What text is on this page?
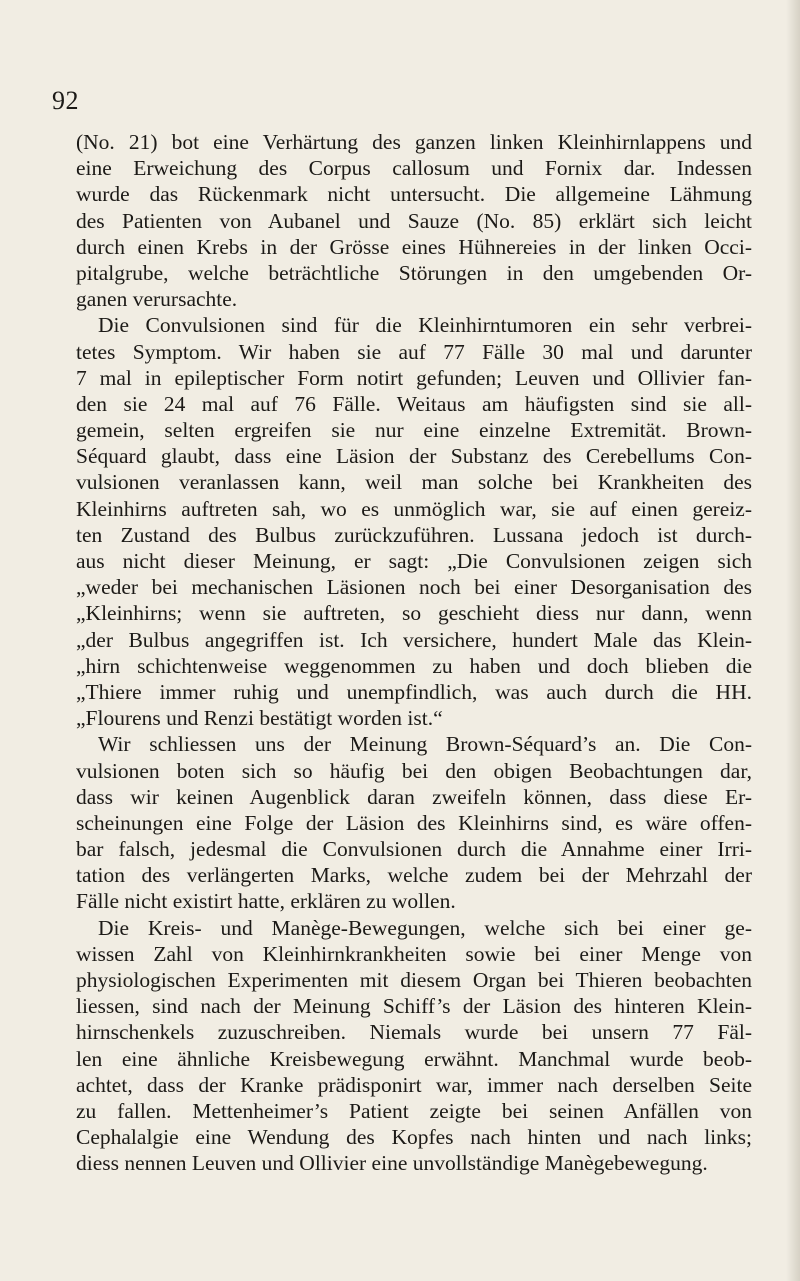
92
(No. 21) bot eine Verhärtung des ganzen linken Kleinhirnlappens und
eine Erweichung des Corpus callosum und Fornix dar. Indessen
wurde das Rückenmark nicht untersucht. Die allgemeine Lähmung
des Patienten von Aubanel und Sauze (No. 85) erklärt sich leicht
durch einen Krebs in der Grösse eines Hühnereies in der linken Occi-
pitalgrube, welche beträchtliche Störungen in den umgebenden Or-
ganen verursachte.
Die Convulsionen sind für die Kleinhirntumoren ein sehr verbrei-
tetes Symptom. Wir haben sie auf 77 Fälle 30 mal und darunter
7 mal in epileptischer Form notirt gefunden; Leuven und Ollivier fan-
den sie 24 mal auf 76 Fälle. Weitaus am häufigsten sind sie all-
gemein, selten ergreifen sie nur eine einzelne Extremität. Brown-
Séquard glaubt, dass eine Läsion der Substanz des Cerebellums Con-
vulsionen veranlassen kann, weil man solche bei Krankheiten des
Kleinhirns auftreten sah, wo es unmöglich war, sie auf einen gereiz-
ten Zustand des Bulbus zurückzuführen. Lussana jedoch ist durch-
aus nicht dieser Meinung, er sagt: „Die Convulsionen zeigen sich
„weder bei mechanischen Läsionen noch bei einer Desorganisation des
„Kleinhirns; wenn sie auftreten, so geschieht diess nur dann, wenn
„der Bulbus angegriffen ist. Ich versichere, hundert Male das Klein-
„hirn schichtenweise weggenommen zu haben und doch blieben die
„Thiere immer ruhig und unempfindlich, was auch durch die HH.
„Flourens und Renzi bestätigt worden ist.“
Wir schliessen uns der Meinung Brown-Séquard’s an. Die Con-
vulsionen boten sich so häufig bei den obigen Beobachtungen dar,
dass wir keinen Augenblick daran zweifeln können, dass diese Er-
scheinungen eine Folge der Läsion des Kleinhirns sind, es wäre offen-
bar falsch, jedesmal die Convulsionen durch die Annahme einer Irri-
tation des verlängerten Marks, welche zudem bei der Mehrzahl der
Fälle nicht existirt hatte, erklären zu wollen.
Die Kreis- und Manège-Bewegungen, welche sich bei einer ge-
wissen Zahl von Kleinhirnkrankheiten sowie bei einer Menge von
physiologischen Experimenten mit diesem Organ bei Thieren beobachten
liessen, sind nach der Meinung Schiff’s der Läsion des hinteren Klein-
hirnschenkels zuzuschreiben. Niemals wurde bei unsern 77 Fäl-
len eine ähnliche Kreisbewegung erwähnt. Manchmal wurde beob-
achtet, dass der Kranke prädisponirt war, immer nach derselben Seite
zu fallen. Mettenheimer’s Patient zeigte bei seinen Anfällen von
Cephalalgie eine Wendung des Kopfes nach hinten und nach links;
diess nennen Leuven und Ollivier eine unvollständige Manègebewegung.
